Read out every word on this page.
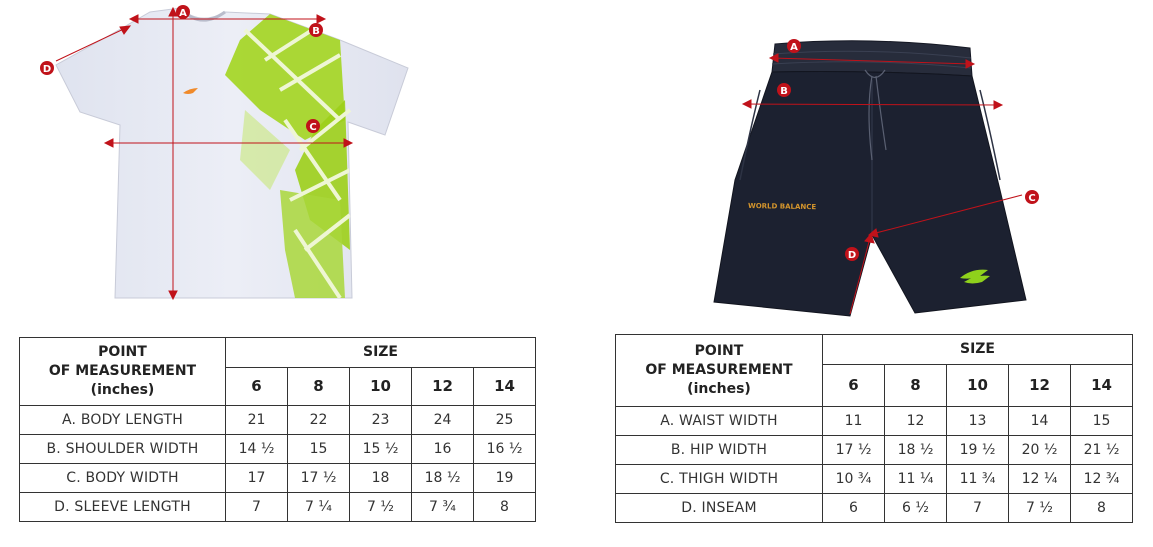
A
B
C
D
WORLD BALANCE
A
B
C
D
POINT
OF MEASUREMENT
(inches)	SIZE				
	6	8	10	12	14
A. BODY LENGTH	21	22	23	24	25
B. SHOULDER WIDTH	14 ½	15	15 ½	16	16 ½
C. BODY WIDTH	17	17 ½	18	18 ½	19
D. SLEEVE LENGTH	7	7 ¼	7 ½	7 ¾	8
POINT
OF MEASUREMENT
(inches)	SIZE				
	6	8	10	12	14
A. WAIST WIDTH	11	12	13	14	15
B. HIP WIDTH	17 ½	18 ½	19 ½	20 ½	21 ½
C. THIGH WIDTH	10 ¾	11 ¼	11 ¾	12 ¼	12 ¾
D. INSEAM	6	6 ½	7	7 ½	8
